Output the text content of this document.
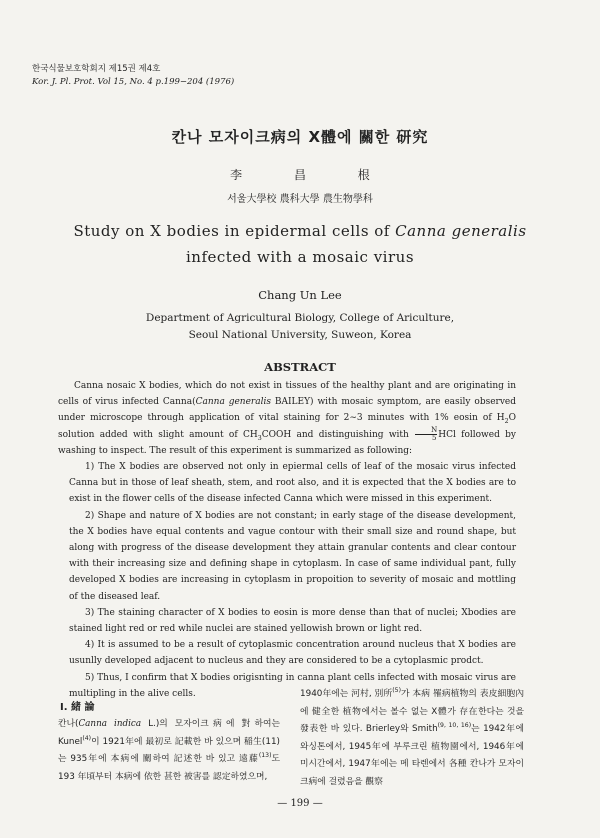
한국식물보호학회지 제15권 제4호
Kor. J. Pl. Prot. Vol 15, No. 4 p.199−204 (1976)
칸나 모자이크病의 X體에 關한 研究
李 昌 根
서울大學校 農科大學 農生物學科
Study on X bodies in epidermal cells of Canna generalis
infected with a mosaic virus
Chang Un Lee
Department of Agricultural Biology, College of Ariculture,
Seoul National University, Suweon, Korea
ABSTRACT

Canna nosaic X bodies, which do not exist in tissues of the healthy plant and are originating in cells of virus infected Canna(Canna generalis BAILEY) with mosaic symptom, are easily observed under microscope through application of vital staining for 2∼3 minutes with 1% eosin of $H_2O$ solution added with slight amount of $CH_3COOH$ and distinguishing with $\frac{N}{5}$ HCl followed by washing to inspect. The result of this experiment is summarized as following:

1) The X bodies are observed not only in epiermal cells of leaf of the mosaic virus infected Canna but in those of leaf sheath, stem, and root also, and it is expected that the X bodies are to exist in the flower cells of the disease infected Canna which were missed in this experiment.

2) Shape and nature of X bodies are not constant; in early stage of the disease development, the X bodies have equal contents and vague contour with their small size and round shape, but along with progress of the disease development they attain granular contents and clear contour with their increasing size and defining shape in cytoplasm. In case of same individual pant, fully developed X bodies are increasing in cytoplasm in propoition to severity of mosaic and mottling of the diseased leaf.

3) The staining character of X bodies to eosin is more dense than that of nuclei; Xbodies are stained light red or red while nuclei are stained yellowish brown or light red.

4) It is assumed to be a result of cytoplasmic concentration around nucleus that X bodies are usunlly developed adjacent to nucleus and they are considered to be a cytoplasmic prodct.

5) Thus, I confirm that X bodies origisnting in canna plant cells infected with mosaic virus are multipling in the alive cells.

Ⅰ. 緒 論
칸나(Canna indica L.)의 모자이크病에 對하여는 Kunel$^{(4)}$이 1921年에 最初로 記載한 바 있으며 稲生(11)는 935年에 本病에 關하여 記述한 바 있고 遠藤$^{(13)}$도 193 年頃부터 本病에 依한 甚한 被害를 認定하였으며,
1940年에는 河村, 別所$^{(5)}$가 本病 罹病植物의 表皮細胞內에 健全한 植物에서는 볼수 없는 X體가 存在한다는 것을 發表한 바 있다. Brierley와 Smith$^{(9, 10, 16)}$는 1942年에 와싱톤에서, 1945年에 부루크린 植物園에서, 1946年에 미시간에서, 1947年에는 메 타렌에서 各種 칸나가 모자이크病에 걸렸음을 觀察
— 199 —
